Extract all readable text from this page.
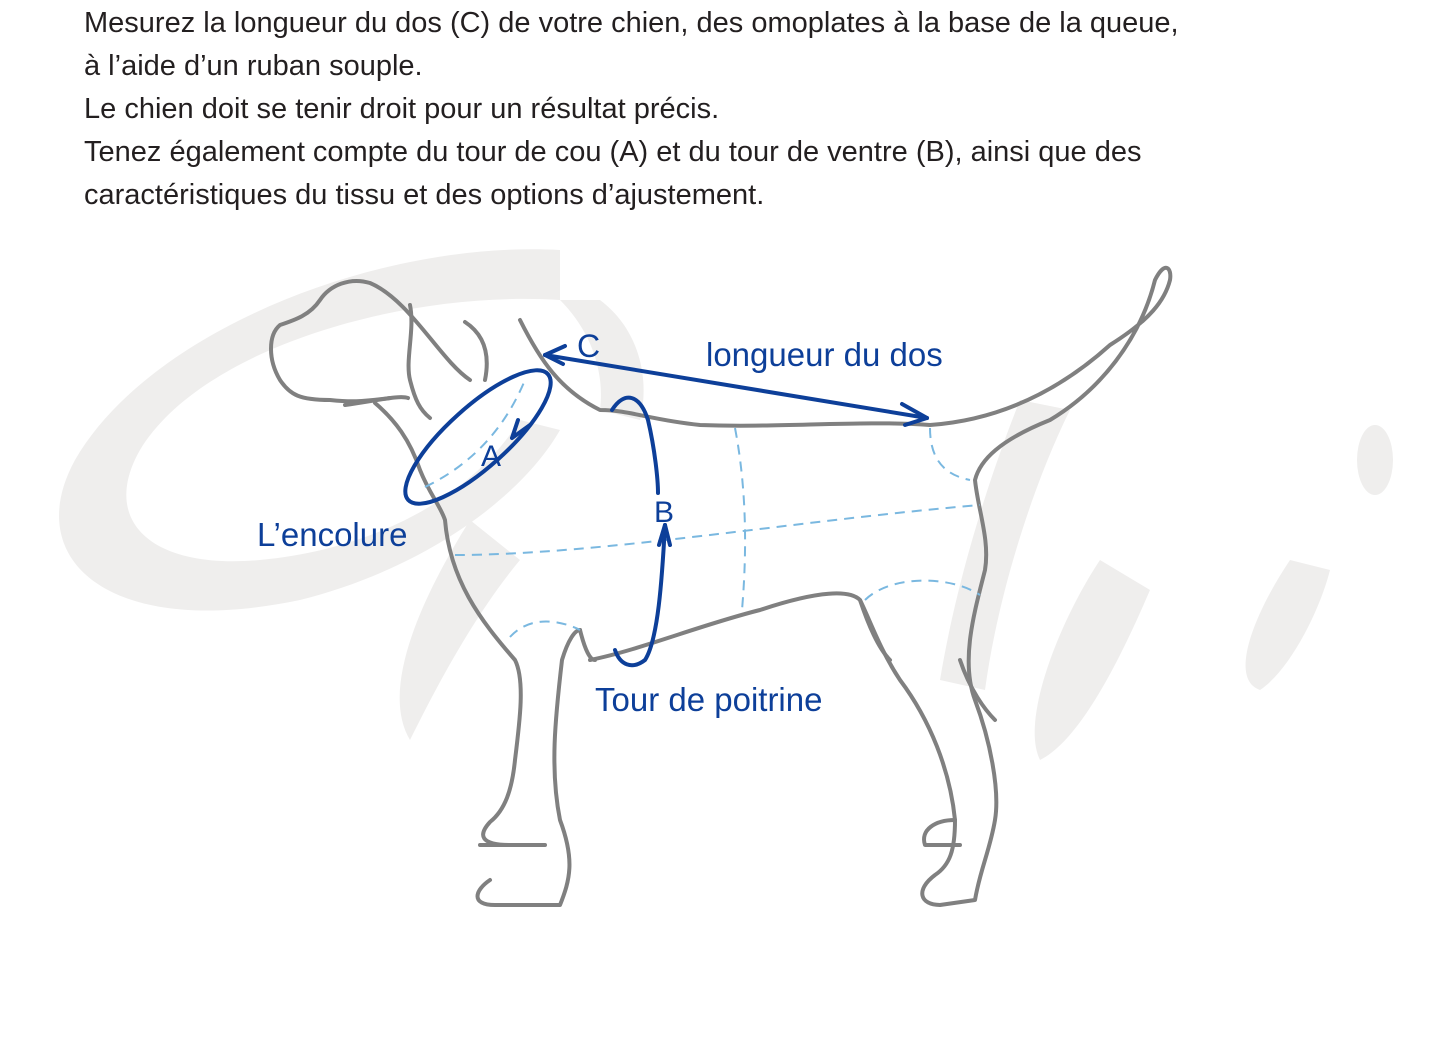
Mesurez la longueur du dos (C) de votre chien, des omoplates à la base de la queue,

à l’aide d’un ruban souple.

Le chien doit se tenir droit pour un résultat précis.

Tenez également compte du tour de cou (A) et du tour de ventre (B), ainsi que des

caractéristiques du tissu et des options d’ajustement.

longueur du dos
C
A
B
L’encolure
Tour de poitrine
